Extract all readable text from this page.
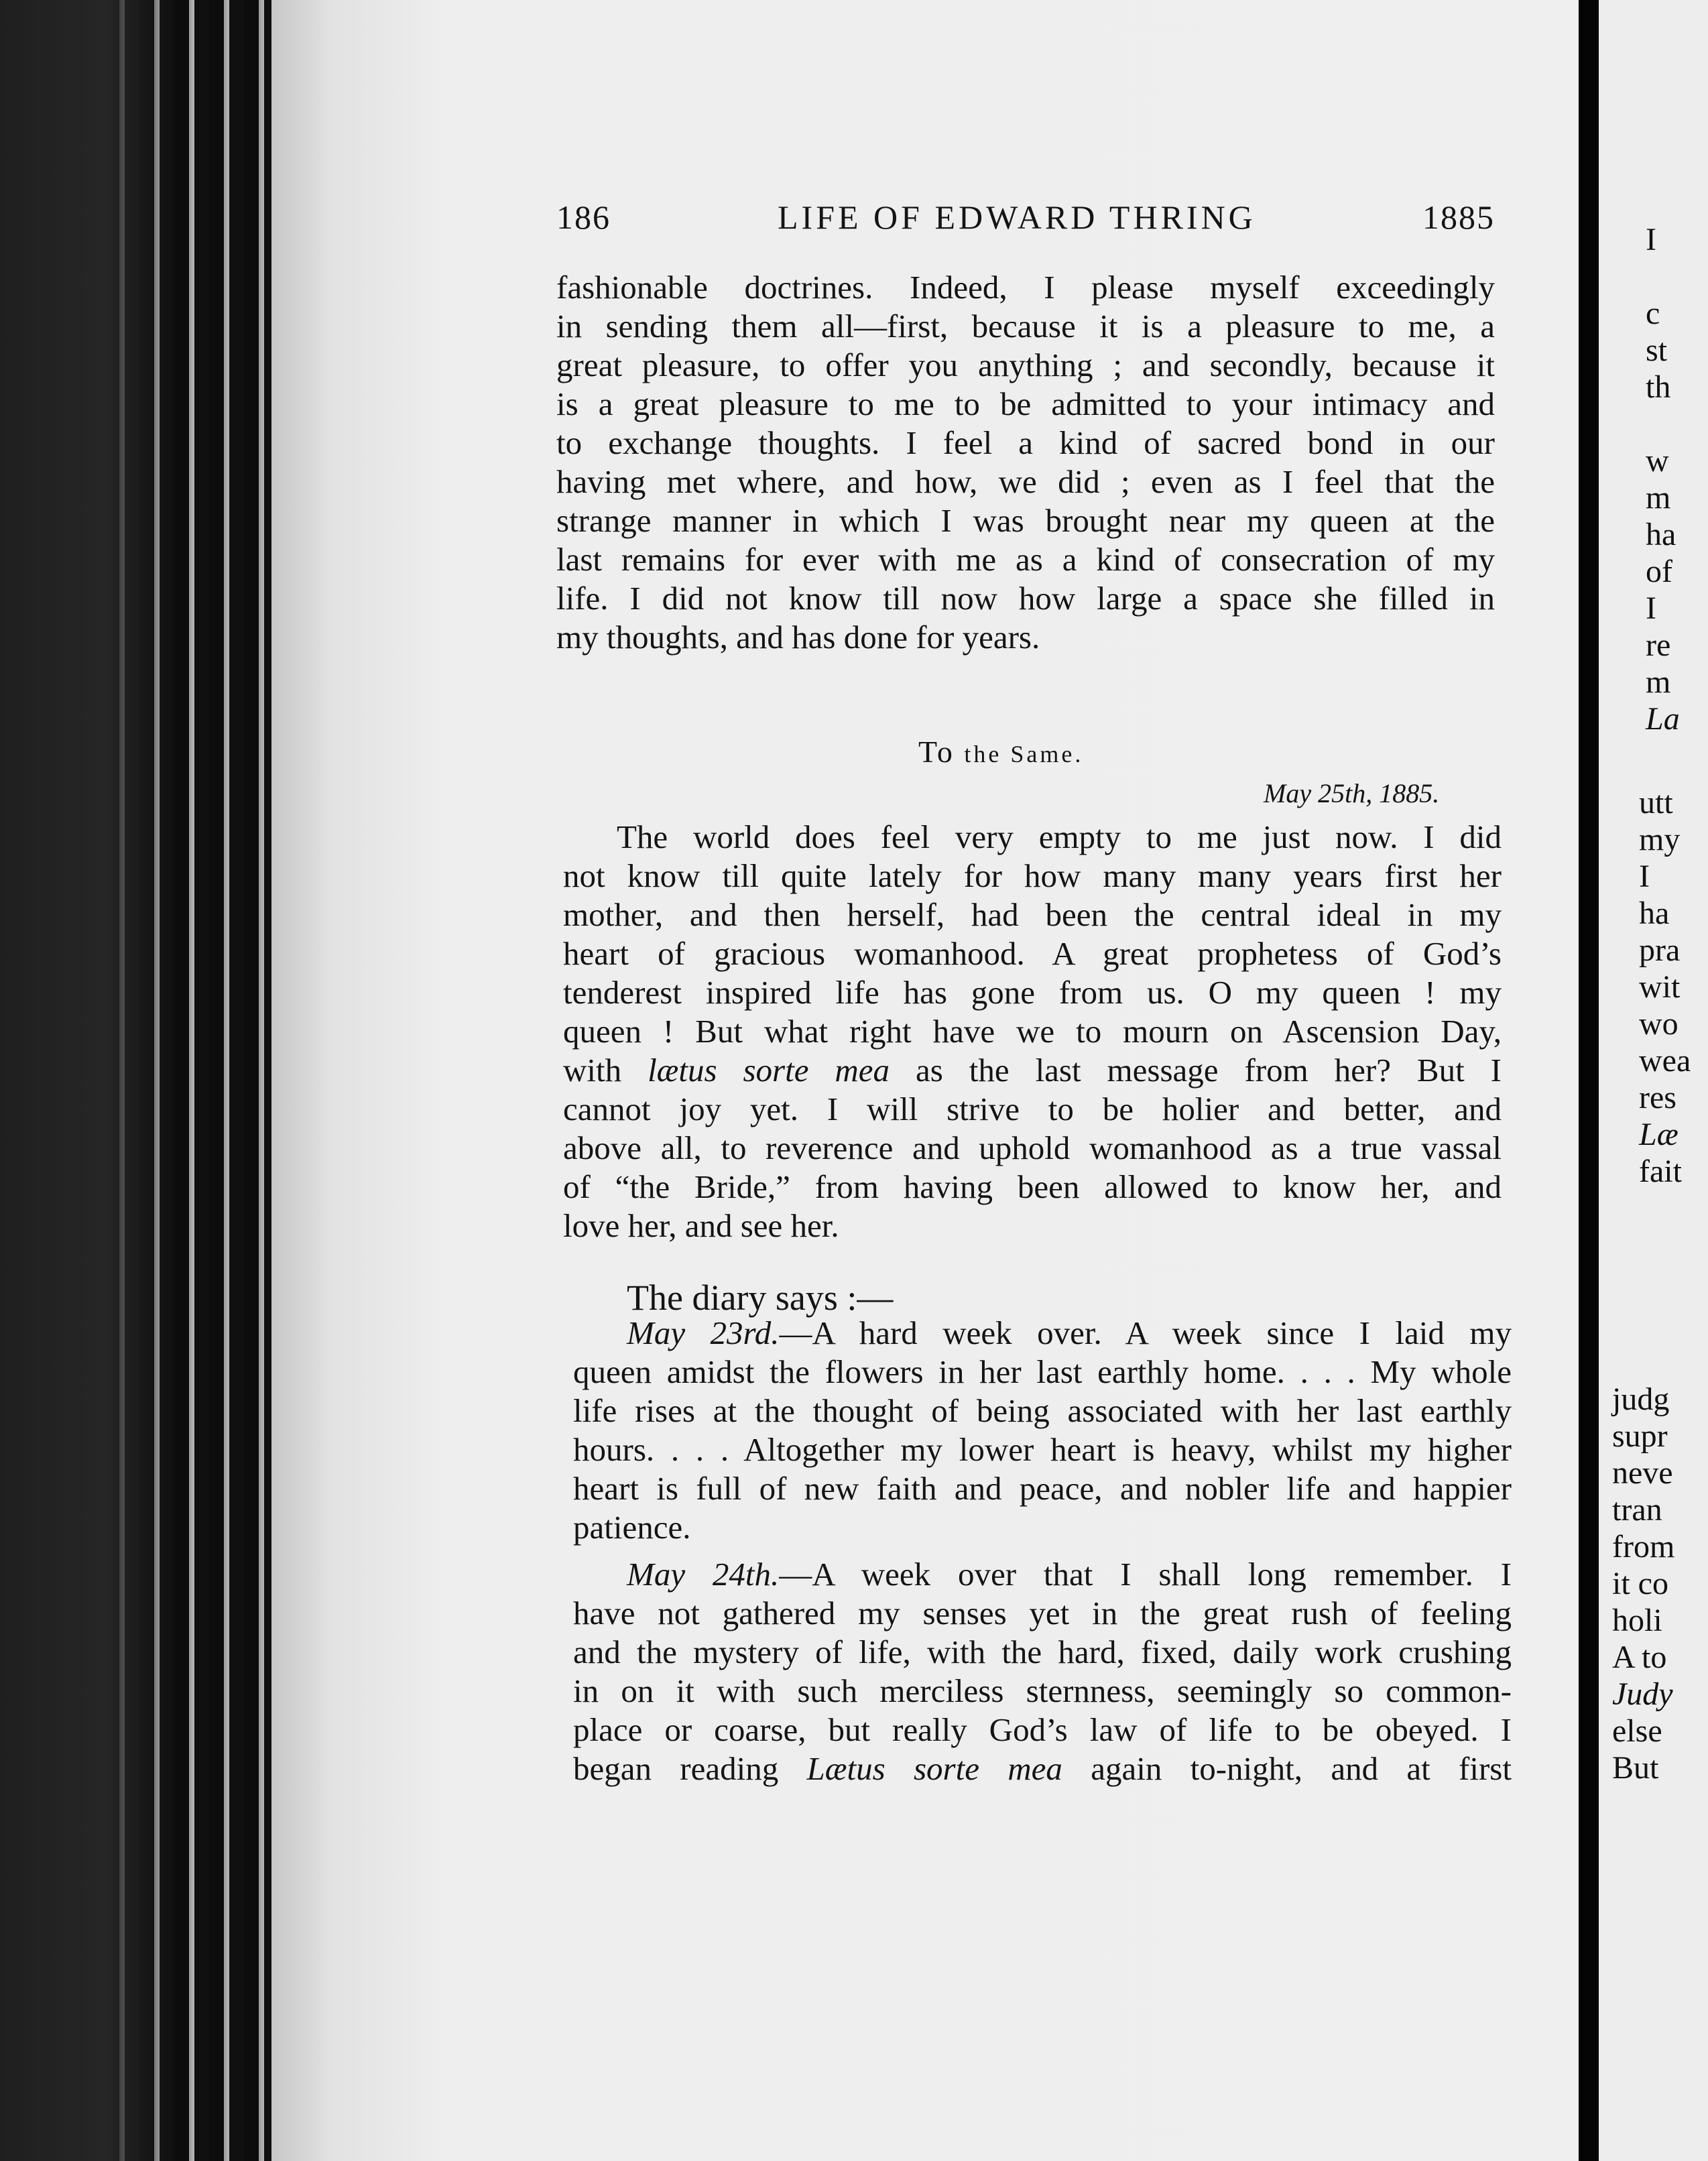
186	LIFE OF EDWARD THRING	1885
fashionable doctrines. Indeed, I please myself exceedingly
in sending them all—first, because it is a pleasure to me, a
great pleasure, to offer you anything ; and secondly, because it
is a great pleasure to me to be admitted to your intimacy and
to exchange thoughts. I feel a kind of sacred bond in our
having met where, and how, we did ; even as I feel that the
strange manner in which I was brought near my queen at the
last remains for ever with me as a kind of consecration of my
life. I did not know till now how large a space she filled in
my thoughts, and has done for years.
To the Same.
May 25th, 1885.
The world does feel very empty to me just now. I did
not know till quite lately for how many many years first her
mother, and then herself, had been the central ideal in my
heart of gracious womanhood. A great prophetess of God’s
tenderest inspired life has gone from us. O my queen ! my
queen ! But what right have we to mourn on Ascension Day,
with lætus sorte mea as the last message from her? But I
cannot joy yet. I will strive to be holier and better, and
above all, to reverence and uphold womanhood as a true vassal
of “the Bride,” from having been allowed to know her, and
love her, and see her.
The diary says :—
May 23rd.—A hard week over. A week since I laid my
queen amidst the flowers in her last earthly home. . . . My whole
life rises at the thought of being associated with her last earthly
hours. . . . Altogether my lower heart is heavy, whilst my higher
heart is full of new faith and peace, and nobler life and happier
patience.
May 24th.—A week over that I shall long remember. I
have not gathered my senses yet in the great rush of feeling
and the mystery of life, with the hard, fixed, daily work crushing
in on it with such merciless sternness, seemingly so common-
place or coarse, but really God’s law of life to be obeyed. I
began reading Lætus sorte mea again to-night, and at first
I
c
st
th
w
m
ha
of
I
re
m
La
utt
my
I
ha
pra
wit
wo
wea
res
Læ
fait
judg
supr
neve
tran
from
it co
holi
A to
Judy
else
But
